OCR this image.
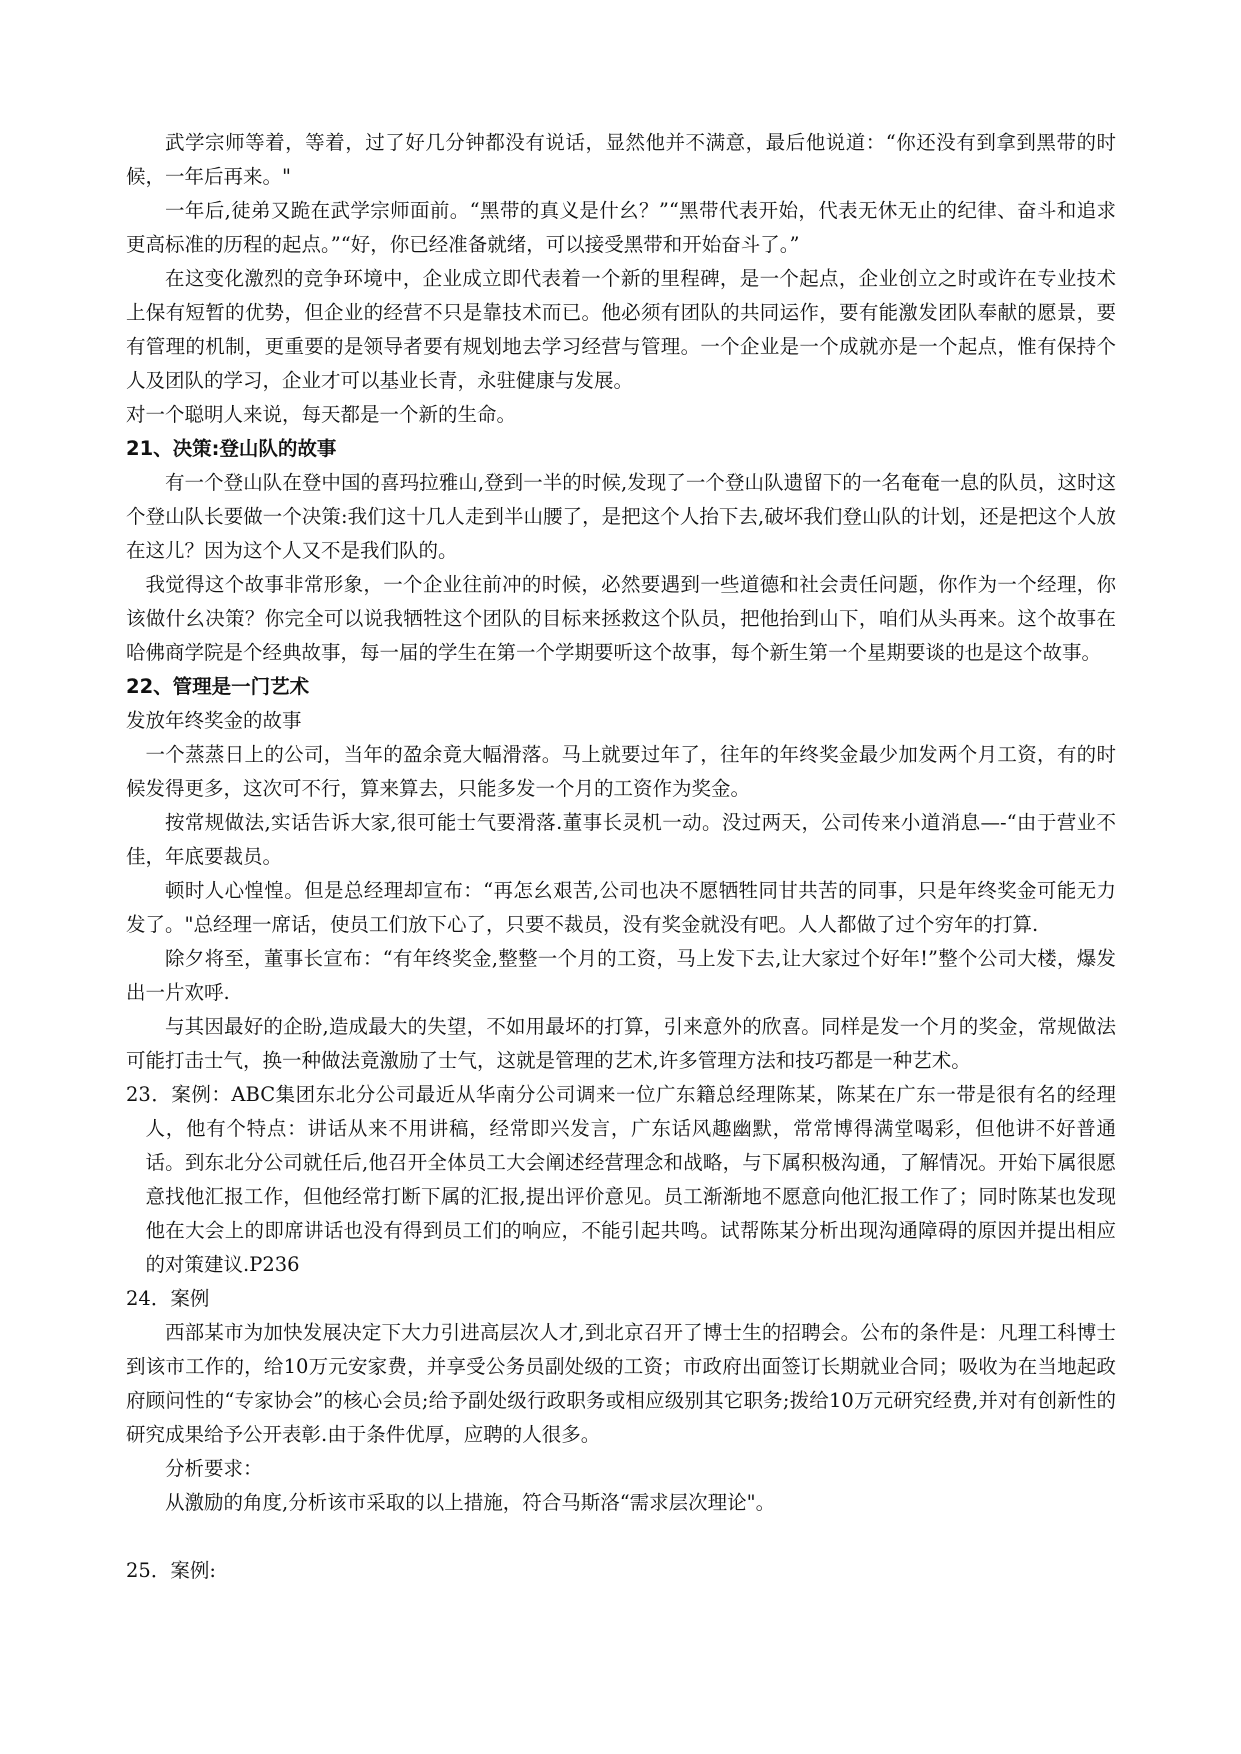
武学宗师等着，等着，过了好几分钟都没有说话，显然他并不满意，最后他说道：“你还没有到拿到黑带的时候，一年后再来。"

一年后,徒弟又跪在武学宗师面前。“黑带的真义是什幺？”“黑带代表开始，代表无休无止的纪律、奋斗和追求更高标准的历程的起点。”“好，你已经准备就绪，可以接受黑带和开始奋斗了。”

在这变化激烈的竞争环境中，企业成立即代表着一个新的里程碑，是一个起点，企业创立之时或许在专业技术上保有短暂的优势，但企业的经营不只是靠技术而已。他必须有团队的共同运作，要有能激发团队奉献的愿景，要有管理的机制，更重要的是领导者要有规划地去学习经营与管理。一个企业是一个成就亦是一个起点，惟有保持个人及团队的学习，企业才可以基业长青，永驻健康与发展。

对一个聪明人来说，每天都是一个新的生命。

21、决策:登山队的故事

有一个登山队在登中国的喜玛拉雅山,登到一半的时候,发现了一个登山队遗留下的一名奄奄一息的队员，这时这个登山队长要做一个决策:我们这十几人走到半山腰了，是把这个人抬下去,破坏我们登山队的计划，还是把这个人放在这儿？因为这个人又不是我们队的。

我觉得这个故事非常形象，一个企业往前冲的时候，必然要遇到一些道德和社会责任问题，你作为一个经理，你该做什幺决策？你完全可以说我牺牲这个团队的目标来拯救这个队员，把他抬到山下，咱们从头再来。这个故事在哈佛商学院是个经典故事，每一届的学生在第一个学期要听这个故事，每个新生第一个星期要谈的也是这个故事。

22、管理是一门艺术

发放年终奖金的故事

一个蒸蒸日上的公司，当年的盈余竟大幅滑落。马上就要过年了，往年的年终奖金最少加发两个月工资，有的时候发得更多，这次可不行，算来算去，只能多发一个月的工资作为奖金。

按常规做法,实话告诉大家,很可能士气要滑落.董事长灵机一动。没过两天，公司传来小道消息—-“由于营业不佳，年底要裁员。

顿时人心惶惶。但是总经理却宣布：“再怎幺艰苦,公司也决不愿牺牲同甘共苦的同事，只是年终奖金可能无力发了。"总经理一席话，使员工们放下心了，只要不裁员，没有奖金就没有吧。人人都做了过个穷年的打算.

除夕将至，董事长宣布：“有年终奖金,整整一个月的工资，马上发下去,让大家过个好年!”整个公司大楼，爆发出一片欢呼.

与其因最好的企盼,造成最大的失望，不如用最坏的打算，引来意外的欣喜。同样是发一个月的奖金，常规做法可能打击士气，换一种做法竟激励了士气，这就是管理的艺术,许多管理方法和技巧都是一种艺术。

23．案例：ABC集团东北分公司最近从华南分公司调来一位广东籍总经理陈某，陈某在广东一带是很有名的经理人，他有个特点：讲话从来不用讲稿，经常即兴发言，广东话风趣幽默，常常博得满堂喝彩，但他讲不好普通话。到东北分公司就任后,他召开全体员工大会阐述经营理念和战略，与下属积极沟通，了解情况。开始下属很愿意找他汇报工作，但他经常打断下属的汇报,提出评价意见。员工渐渐地不愿意向他汇报工作了；同时陈某也发现他在大会上的即席讲话也没有得到员工们的响应，不能引起共鸣。试帮陈某分析出现沟通障碍的原因并提出相应的对策建议.P236

24．案例

西部某市为加快发展决定下大力引进高层次人才,到北京召开了博士生的招聘会。公布的条件是：凡理工科博士到该市工作的，给10万元安家费，并享受公务员副处级的工资；市政府出面签订长期就业合同；吸收为在当地起政府顾问性的“专家协会”的核心会员;给予副处级行政职务或相应级别其它职务;拨给10万元研究经费,并对有创新性的研究成果给予公开表彰.由于条件优厚，应聘的人很多。

分析要求：

从激励的角度,分析该市采取的以上措施，符合马斯洛“需求层次理论"。

25．案例:
